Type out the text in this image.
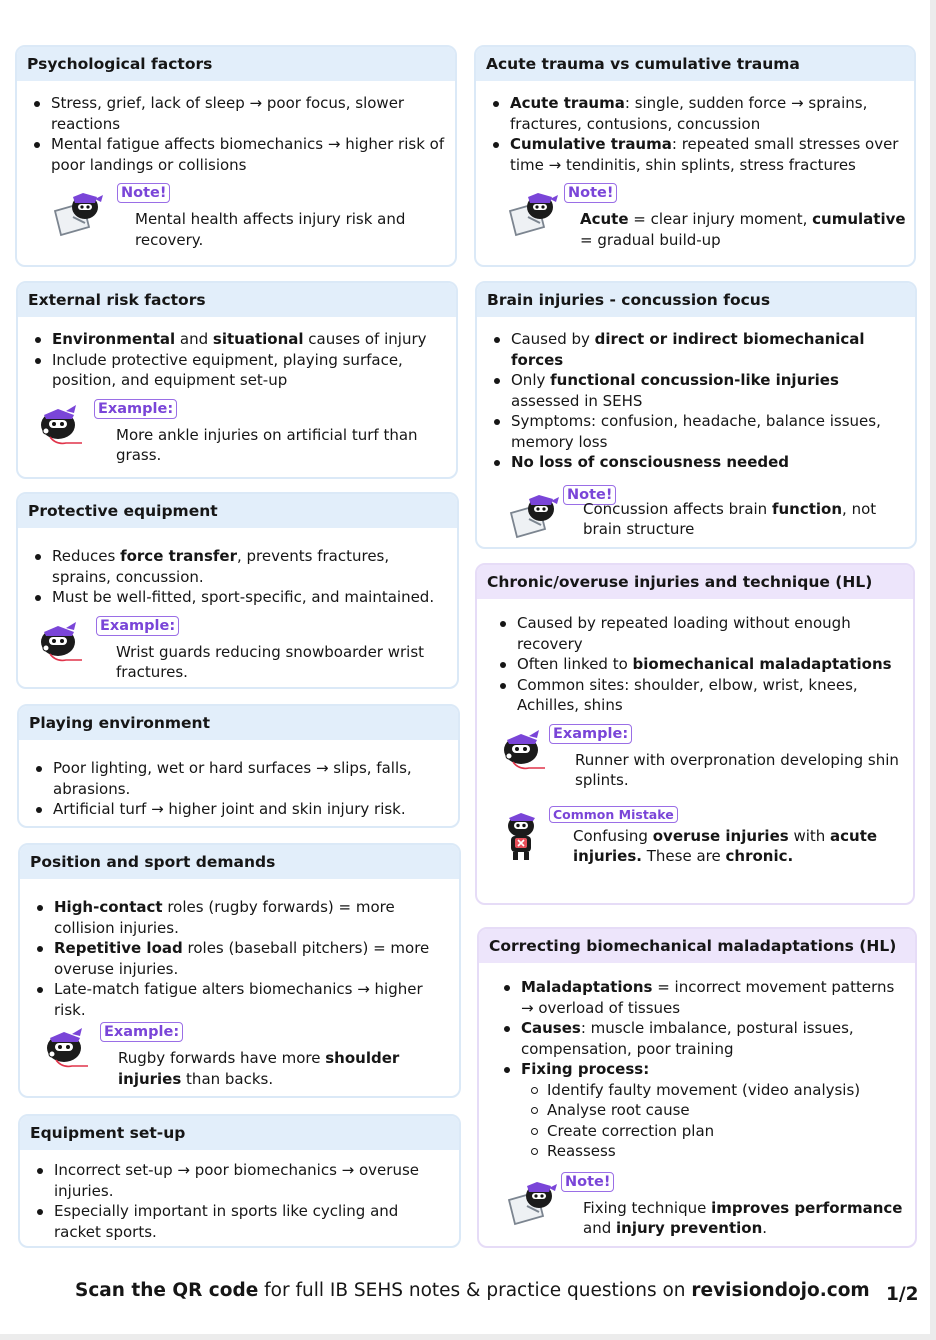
Psychological factors
Stress, grief, lack of sleep → poor focus, slower reactions
Mental fatigue affects biomechanics → higher risk of poor landings or collisions
Note!
Mental health affects injury risk and recovery.
External risk factors
Environmental and situational causes of injury
Include protective equipment, playing surface, position, and equipment set-up
Example:
More ankle injuries on artificial turf than grass.
Protective equipment
Reduces force transfer, prevents fractures, sprains, concussion.
Must be well-fitted, sport-specific, and maintained.
Example:
Wrist guards reducing snowboarder wrist fractures.
Playing environment
Poor lighting, wet or hard surfaces → slips, falls, abrasions.
Artificial turf → higher joint and skin injury risk.
Position and sport demands
High-contact roles (rugby forwards) = more collision injuries.
Repetitive load roles (baseball pitchers) = more overuse injuries.
Late-match fatigue alters biomechanics → higher risk.
Example:
Rugby forwards have more shoulder injuries than backs.
Equipment set-up
Incorrect set-up → poor biomechanics → overuse injuries.
Especially important in sports like cycling and racket sports.
Acute trauma vs cumulative trauma
Acute trauma: single, sudden force → sprains, fractures, contusions, concussion
Cumulative trauma: repeated small stresses over time → tendinitis, shin splints, stress fractures
Note!
Acute = clear injury moment, cumulative = gradual build-up
Brain injuries - concussion focus
Caused by direct or indirect biomechanical forces
Only functional concussion-like injuries assessed in SEHS
Symptoms: confusion, headache, balance issues, memory loss
No loss of consciousness needed
Note!
Concussion affects brain function, not brain structure
Chronic/overuse injuries and technique (HL)
Caused by repeated loading without enough recovery
Often linked to biomechanical maladaptations
Common sites: shoulder, elbow, wrist, knees, Achilles, shins
Example:
Runner with overpronation developing shin splints.
Common Mistake
Confusing overuse injuries with acute injuries. These are chronic.
Correcting biomechanical maladaptations (HL)
Maladaptations = incorrect movement patterns → overload of tissues
Causes: muscle imbalance, postural issues, compensation, poor training
Fixing process:
Identify faulty movement (video analysis)
Analyse root cause
Create correction plan
Reassess
Note!
Fixing technique improves performance and injury prevention.
Scan the QR code for full IB SEHS notes & practice questions on revisiondojo.com 1/2
